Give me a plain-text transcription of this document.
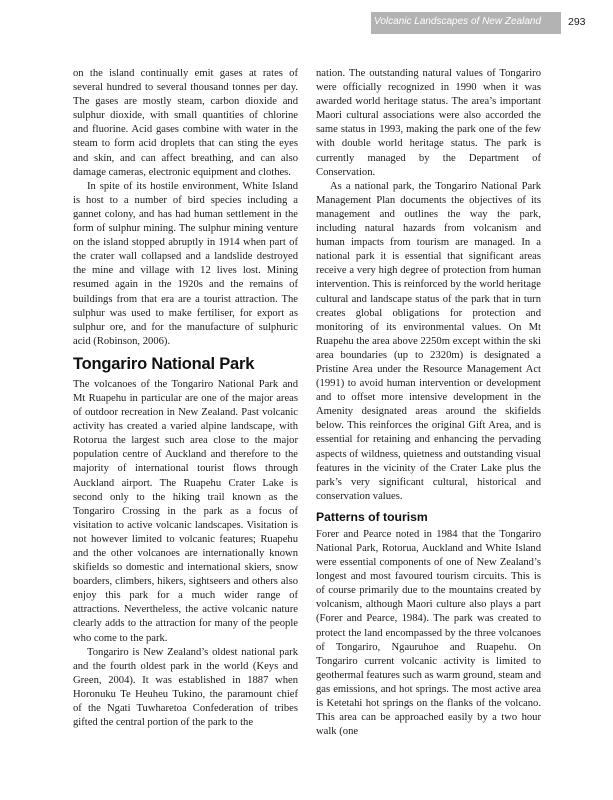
Volcanic Landscapes of New Zealand	293

on the island continually emit gases at rates of several hundred to several thousand tonnes per day. The gases are mostly steam, carbon dioxide and sulphur dioxide, with small quantities of chlorine and fluorine. Acid gases combine with water in the steam to form acid droplets that can sting the eyes and skin, and can affect breathing, and can also damage cameras, electronic equipment and clothes.

In spite of its hostile environment, White Island is host to a number of bird species including a gannet colony, and has had human settlement in the form of sulphur mining. The sulphur mining venture on the island stopped abruptly in 1914 when part of the crater wall collapsed and a landslide destroyed the mine and village with 12 lives lost. Mining resumed again in the 1920s and the remains of buildings from that era are a tourist attraction. The sulphur was used to make fertiliser, for export as sulphur ore, and for the manufacture of sulphuric acid (Robinson, 2006).

Tongariro National Park

The volcanoes of the Tongariro National Park and Mt Ruapehu in particular are one of the major areas of outdoor recreation in New Zealand. Past volcanic activity has created a varied alpine landscape, with Rotorua the largest such area close to the major population centre of Auckland and therefore to the majority of international tourist flows through Auckland airport. The Ruapehu Crater Lake is second only to the hiking trail known as the Tongariro Crossing in the park as a focus of visitation to active volcanic landscapes. Visitation is not however limited to volcanic features; Ruapehu and the other volcanoes are internationally known skifields so domestic and international skiers, snow boarders, climbers, hikers, sightseers and others also enjoy this park for a much wider range of attractions. Nevertheless, the active volcanic nature clearly adds to the attraction for many of the people who come to the park.

Tongariro is New Zealand’s oldest national park and the fourth oldest park in the world (Keys and Green, 2004). It was established in 1887 when Horonuku Te Heuheu Tukino, the paramount chief of the Ngati Tuwharetoa Confederation of tribes gifted the central portion of the park to the

nation. The outstanding natural values of Tongariro were officially recognized in 1990 when it was awarded world heritage status. The area’s important Maori cultural associations were also accorded the same status in 1993, making the park one of the few with double world heritage status. The park is currently managed by the Department of Conservation.

As a national park, the Tongariro National Park Management Plan documents the objectives of its management and outlines the way the park, including natural hazards from volcanism and human impacts from tourism are managed. In a national park it is essential that significant areas receive a very high degree of protection from human intervention. This is reinforced by the world heritage cultural and landscape status of the park that in turn creates global obligations for protection and monitoring of its environmental values. On Mt Ruapehu the area above 2250m except within the ski area boundaries (up to 2320m) is designated a Pristine Area under the Resource Management Act (1991) to avoid human intervention or development and to offset more intensive development in the Amenity designated areas around the skifields below. This reinforces the original Gift Area, and is essential for retaining and enhancing the pervading aspects of wildness, quietness and outstanding visual features in the vicinity of the Crater Lake plus the park’s very significant cultural, historical and conservation values.

Patterns of tourism

Forer and Pearce noted in 1984 that the Tongariro National Park, Rotorua, Auckland and White Island were essential components of one of New Zealand’s longest and most favoured tourism circuits. This is of course primarily due to the mountains created by volcanism, although Maori culture also plays a part (Forer and Pearce, 1984). The park was created to protect the land encompassed by the three volcanoes of Tongariro, Ngauruhoe and Ruapehu. On Tongariro current volcanic activity is limited to geothermal features such as warm ground, steam and gas emissions, and hot springs. The most active area is Ketetahi hot springs on the flanks of the volcano. This area can be approached easily by a two hour walk (one
